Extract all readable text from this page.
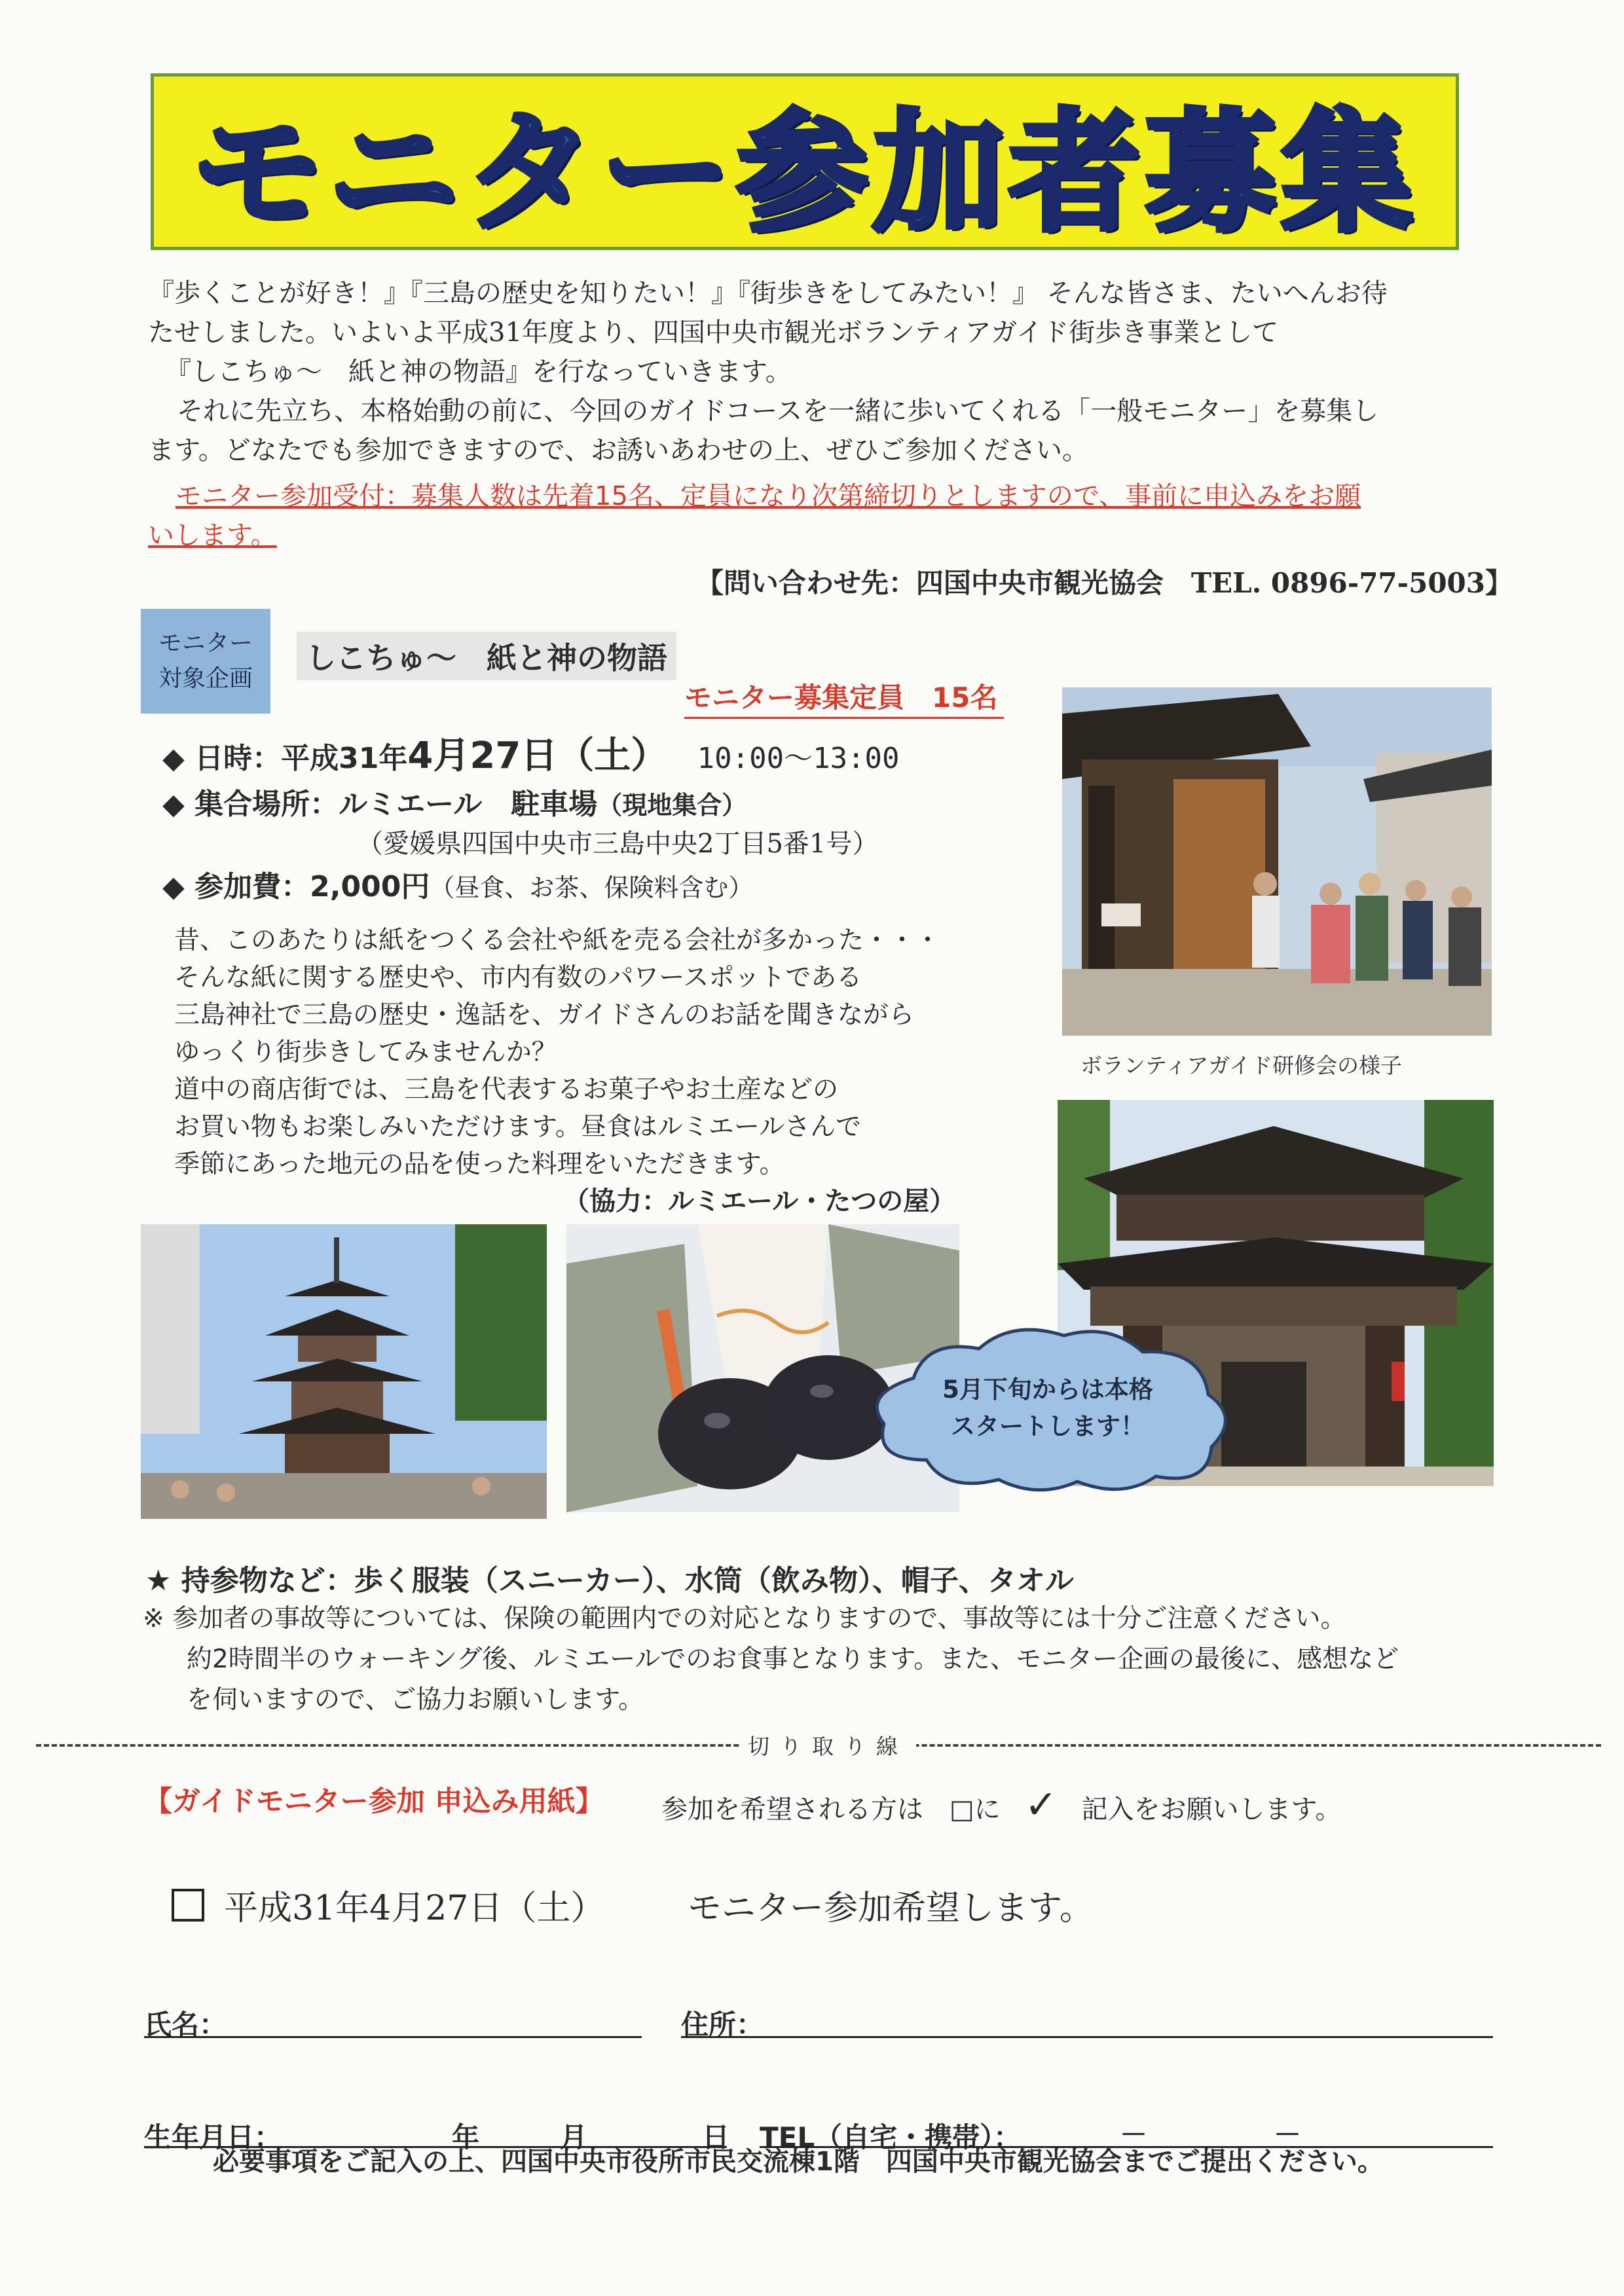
モニター参加者募集
『歩くことが好き！』『三島の歴史を知りたい！』『街歩きをしてみたい！』 そんな皆さま、たいへんお待
たせしました。いよいよ平成31年度より、四国中央市観光ボランティアガイド街歩き事業として
『しこちゅ～　紙と神の物語』を行なっていきます。
それに先立ち、本格始動の前に、今回のガイドコースを一緒に歩いてくれる「一般モニター」を募集し
ます。どなたでも参加できますので、お誘いあわせの上、ぜひご参加ください。
モニター参加受付：募集人数は先着15名、定員になり次第締切りとしますので、事前に申込みをお願
いします。
【問い合わせ先：四国中央市観光協会　TEL. 0896-77-5003】
モニター
対象企画
しこちゅ～　紙と神の物語
モニター募集定員　15名
◆ 日時：平成31年4月27日（土） 10:00～13:00
◆ 集合場所：ルミエール　駐車場（現地集合）
（愛媛県四国中央市三島中央2丁目5番1号）
◆ 参加費：2,000円（昼食、お茶、保険料含む）
昔、このあたりは紙をつくる会社や紙を売る会社が多かった・・・
そんな紙に関する歴史や、市内有数のパワースポットである
三島神社で三島の歴史・逸話を、ガイドさんのお話を聞きながら
ゆっくり街歩きしてみませんか？
道中の商店街では、三島を代表するお菓子やお土産などの
お買い物もお楽しみいただけます。昼食はルミエールさんで
季節にあった地元の品を使った料理をいただきます。
（協力：ルミエール・たつの屋）
ボランティアガイド研修会の様子
5月下旬からは本格
スタートします！
★ 持参物など：歩く服装（スニーカー）、水筒（飲み物）、帽子、タオル
※ 参加者の事故等については、保険の範囲内での対応となりますので、事故等には十分ご注意ください。
約2時間半のウォーキング後、ルミエールでのお食事となります。また、モニター企画の最後に、感想など
を伺いますので、ご協力お願いします。
切り取り線
【ガイドモニター参加 申込み用紙】 参加を希望される方は　□に ✓ 記入をお願いします。
平成31年4月27日（土） モニター参加希望します。
氏名：	住所：
生年月日：	年	月	日 TEL（自宅・携帯）：	－	－
必要事項をご記入の上、四国中央市役所市民交流棟1階　四国中央市観光協会までご提出ください。
